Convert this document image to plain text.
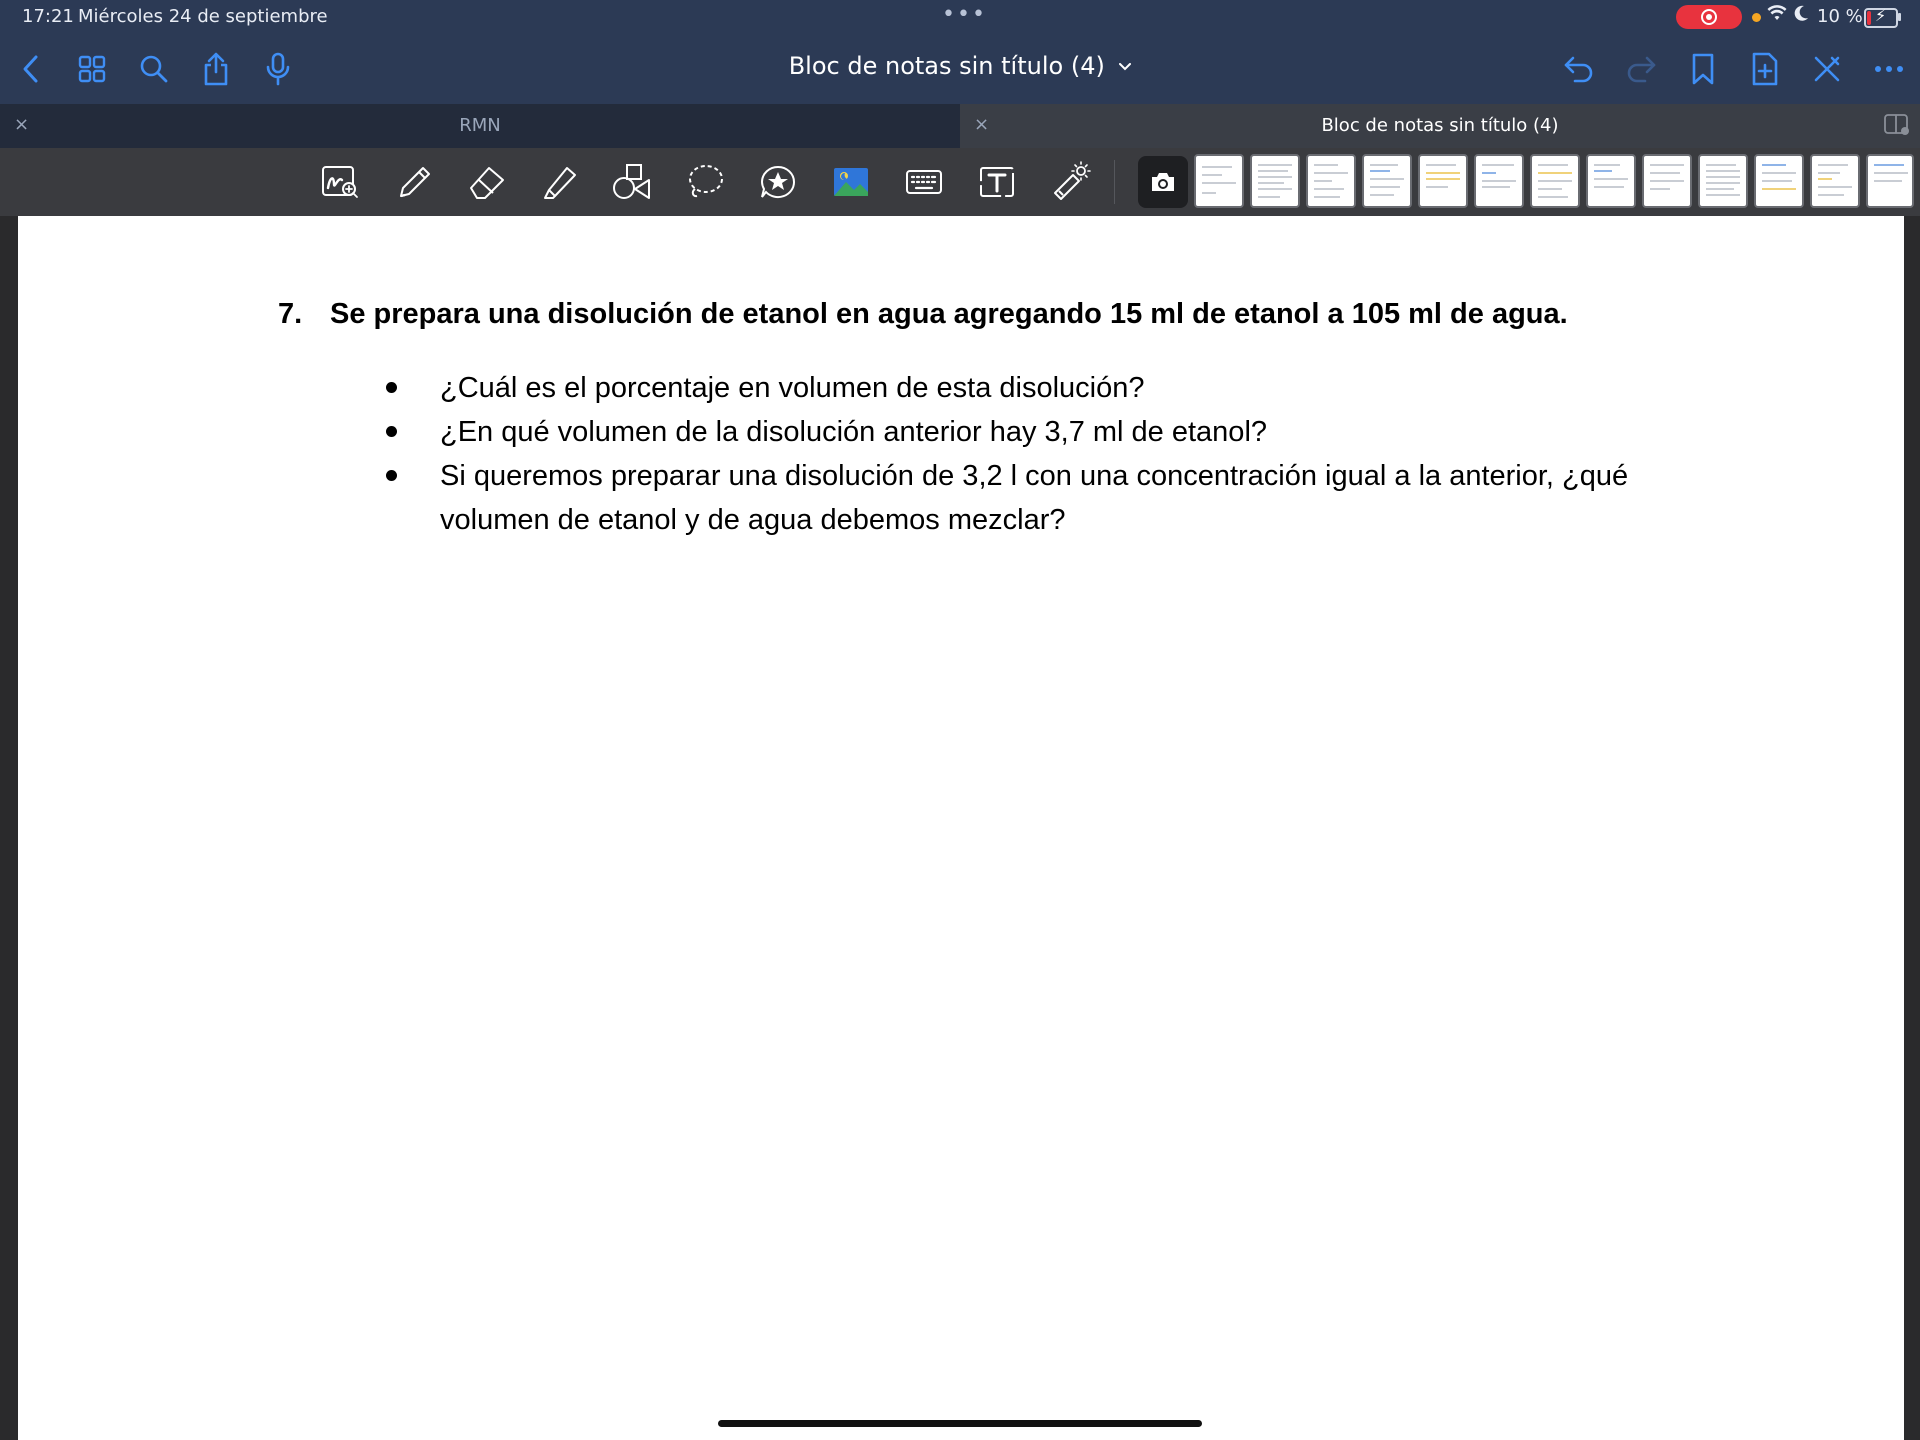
17:21 Miércoles 24 de septiembre	•••	10 % ⚡
Bloc de notas sin título (4)
×	RMN	×	Bloc de notas sin título (4)
7. Se prepara una disolución de etanol en agua agregando 15 ml de etanol a 105 ml de agua.
¿Cuál es el porcentaje en volumen de esta disolución?
¿En qué volumen de la disolución anterior hay 3,7 ml de etanol?
Si queremos preparar una disolución de 3,2 l con una concentración igual a la anterior, ¿qué volumen de etanol y de agua debemos mezclar?
